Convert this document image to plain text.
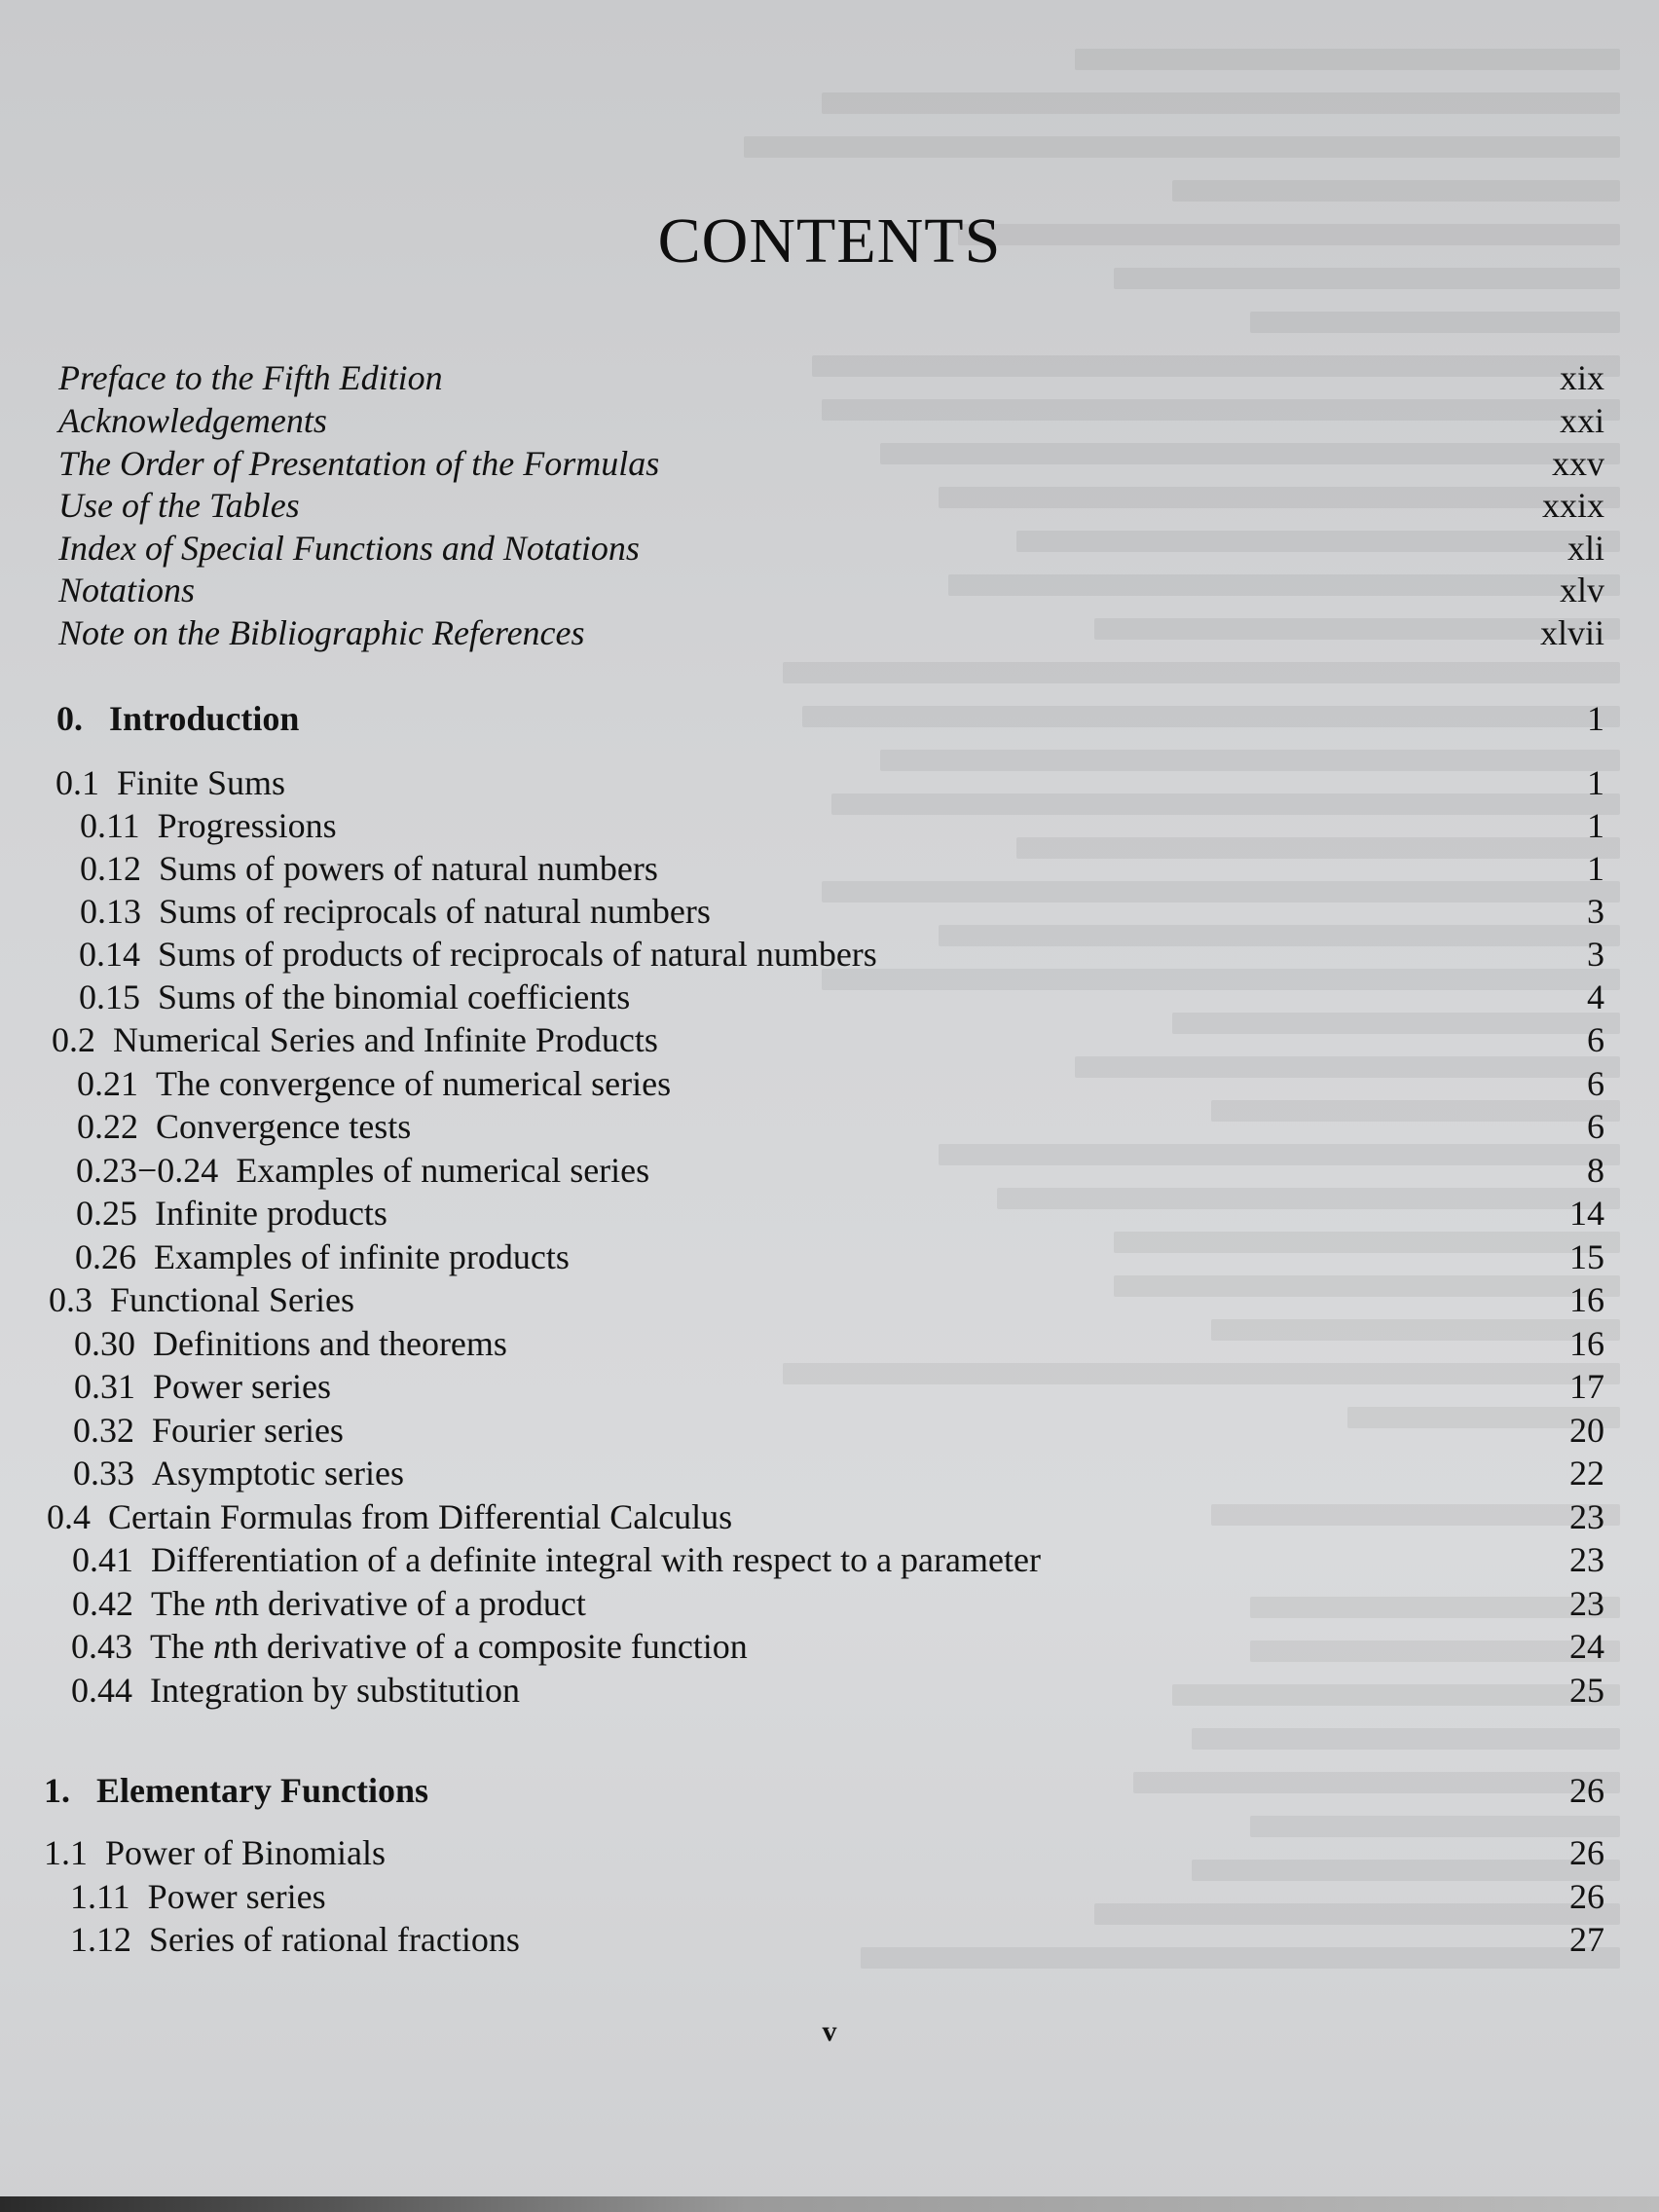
CONTENTS
v
Preface to the Fifth Edition	xix
Acknowledgements	xxi
The Order of Presentation of the Formulas	xxv
Use of the Tables	xxix
Index of Special Functions and Notations	xli
Notations	xlv
Note on the Bibliographic References	xlvii
0. Introduction	1
0.1 Finite Sums	1
0.11 Progressions	1
0.12 Sums of powers of natural numbers	1
0.13 Sums of reciprocals of natural numbers	3
0.14 Sums of products of reciprocals of natural numbers	3
0.15 Sums of the binomial coefficients	4
0.2 Numerical Series and Infinite Products	6
0.21 The convergence of numerical series	6
0.22 Convergence tests	6
0.23−0.24 Examples of numerical series	8
0.25 Infinite products	14
0.26 Examples of infinite products	15
0.3 Functional Series	16
0.30 Definitions and theorems	16
0.31 Power series	17
0.32 Fourier series	20
0.33 Asymptotic series	22
0.4 Certain Formulas from Differential Calculus	23
0.41 Differentiation of a definite integral with respect to a parameter	23
0.42 The nth derivative of a product	23
0.43 The nth derivative of a composite function	24
0.44 Integration by substitution	25
1. Elementary Functions	26
1.1 Power of Binomials	26
1.11 Power series	26
1.12 Series of rational fractions	27
